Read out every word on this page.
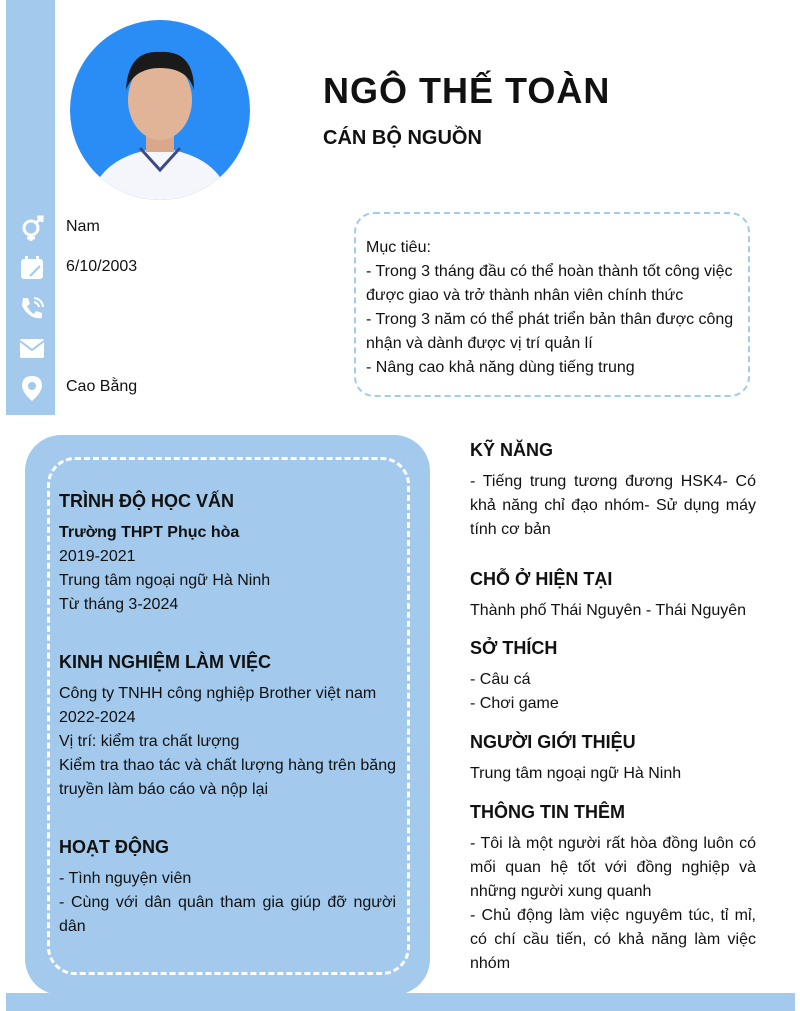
NGÔ THẾ TOÀN
CÁN BỘ NGUỒN
Nam
6/10/2003
Cao Bằng
Mục tiêu:
- Trong 3 tháng đầu có thể hoàn thành tốt công việc được giao và trở thành nhân viên chính thức
- Trong 3 năm có thể phát triển bản thân được công nhận và dành được vị trí quản lí
- Nâng cao khả năng dùng tiếng trung
TRÌNH ĐỘ HỌC VẤN
Trường THPT Phục hòa
2019-2021
Trung tâm ngoại ngữ Hà Ninh
Từ tháng 3-2024
KINH NGHIỆM LÀM VIỆC
Công ty TNHH công nghiệp Brother việt nam
2022-2024
Vị trí: kiểm tra chất lượng
Kiểm tra thao tác và chất lượng hàng trên băng truyền làm báo cáo và nộp lại
HOẠT ĐỘNG
- Tình nguyện viên
- Cùng với dân quân tham gia giúp đỡ người dân
KỸ NĂNG
- Tiếng trung tương đương HSK4- Có khả năng chỉ đạo nhóm- Sử dụng máy tính cơ bản
CHỖ Ở HIỆN TẠI
Thành phố Thái Nguyên - Thái Nguyên
SỞ THÍCH
- Câu cá
- Chơi game
NGƯỜI GIỚI THIỆU
Trung tâm ngoại ngữ Hà Ninh
THÔNG TIN THÊM
- Tôi là một người rất hòa đồng luôn có mối quan hệ tốt với đồng nghiệp và những người xung quanh
- Chủ động làm việc nguyêm túc, tỉ mỉ, có chí cầu tiến, có khả năng làm việc nhóm
